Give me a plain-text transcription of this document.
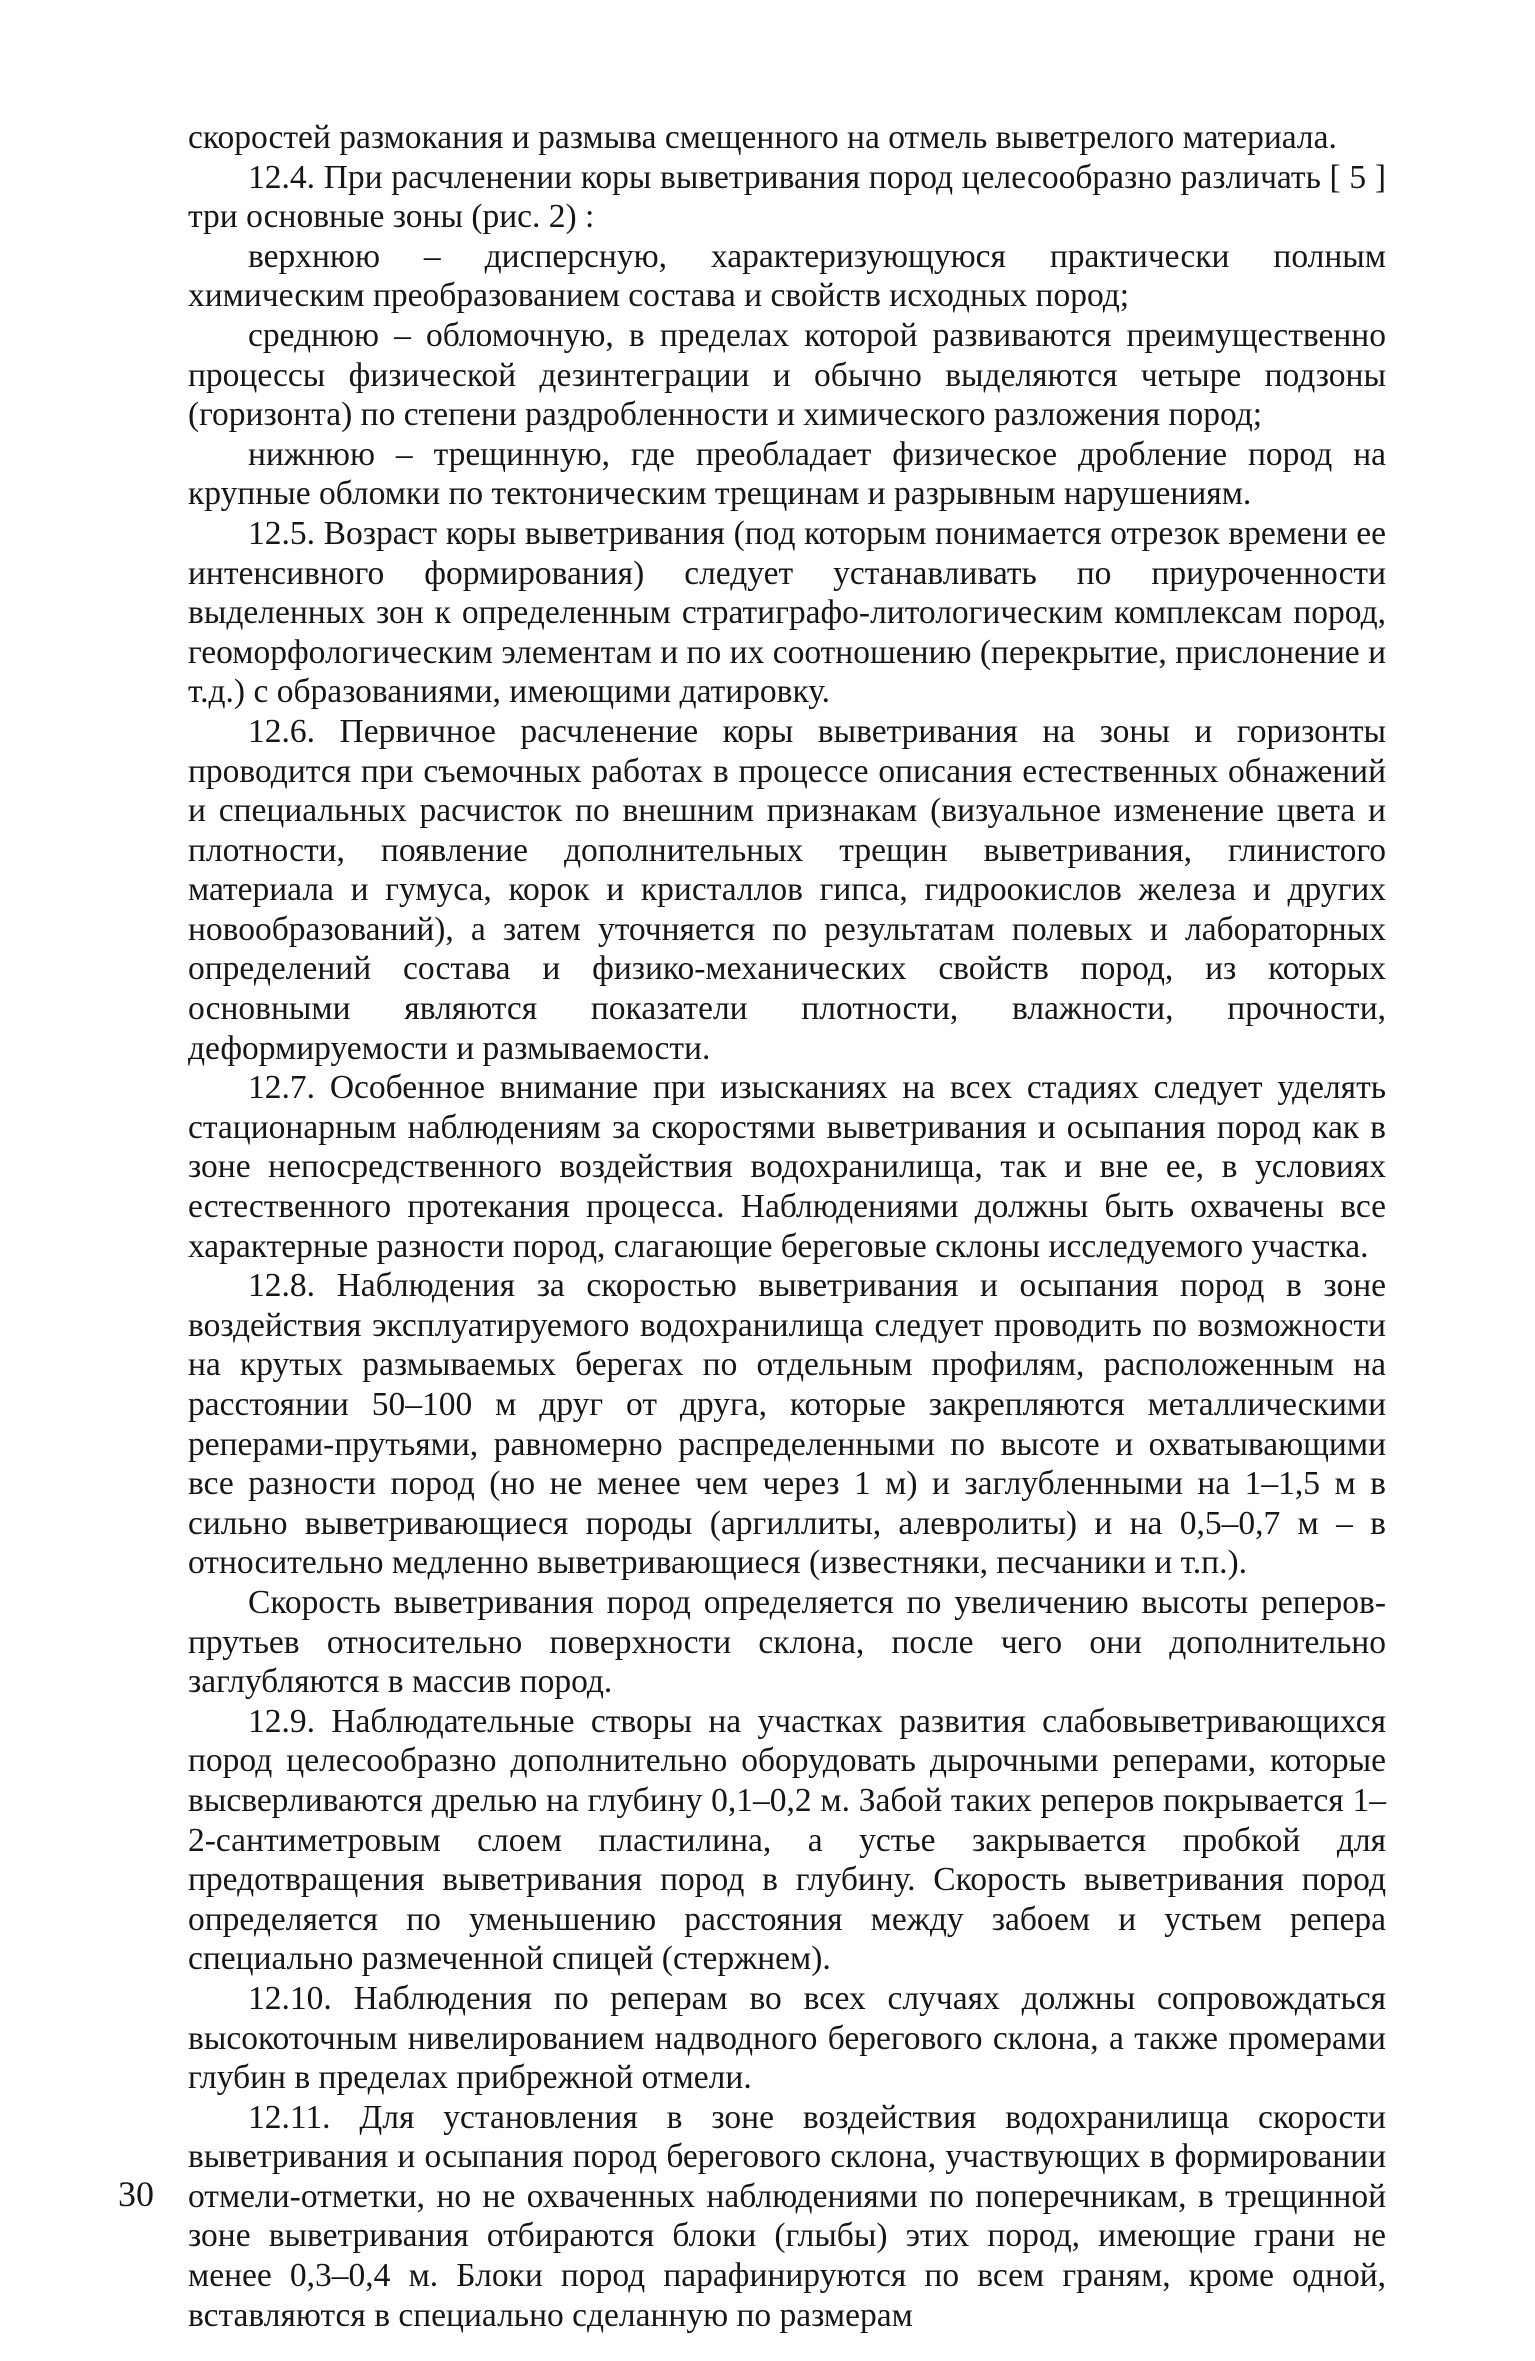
скоростей размокания и размыва смещенного на отмель выветрелого материала.

12.4. При расчленении коры выветривания пород целесообразно различать [ 5 ] три основные зоны (рис. 2) :

верхнюю – дисперсную, характеризующуюся практически полным химическим преобразованием состава и свойств исходных пород;

среднюю – обломочную, в пределах которой развиваются преимущественно процессы физической дезинтеграции и обычно выделяются четыре подзоны (горизонта) по степени раздробленности и химического разложения пород;

нижнюю – трещинную, где преобладает физическое дробление пород на крупные обломки по тектоническим трещинам и разрывным нарушениям.

12.5. Возраст коры выветривания (под которым понимается отрезок времени ее интенсивного формирования) следует устанавливать по приуроченности выделенных зон к определенным стратиграфо-литологическим комплексам пород, геоморфологическим элементам и по их соотношению (перекрытие, прислонение и т.д.) с образованиями, имеющими датировку.

12.6. Первичное расчленение коры выветривания на зоны и горизонты проводится при съемочных работах в процессе описания естественных обнажений и специальных расчисток по внешним признакам (визуальное изменение цвета и плотности, появление дополнительных трещин выветривания, глинистого материала и гумуса, корок и кристаллов гипса, гидроокислов железа и других новообразований), а затем уточняется по результатам полевых и лабораторных определений состава и физико-механических свойств пород, из которых основными являются показатели плотности, влажности, прочности, деформируемости и размываемости.

12.7. Особенное внимание при изысканиях на всех стадиях следует уделять стационарным наблюдениям за скоростями выветривания и осыпания пород как в зоне непосредственного воздействия водохранилища, так и вне ее, в условиях естественного протекания процесса. Наблюдениями должны быть охвачены все характерные разности пород, слагающие береговые склоны исследуемого участка.

12.8. Наблюдения за скоростью выветривания и осыпания пород в зоне воздействия эксплуатируемого водохранилища следует проводить по возможности на крутых размываемых берегах по отдельным профилям, расположенным на расстоянии 50–100 м друг от друга, которые закрепляются металлическими реперами-прутьями, равномерно распределенными по высоте и охватывающими все разности пород (но не менее чем через 1 м) и заглубленными на 1–1,5 м в сильно выветривающиеся породы (аргиллиты, алевролиты) и на 0,5–0,7 м – в относительно медленно выветривающиеся (известняки, песчаники и т.п.).

Скорость выветривания пород определяется по увеличению высоты реперов-прутьев относительно поверхности склона, после чего они дополнительно заглубляются в массив пород.

12.9. Наблюдательные створы на участках развития слабовыветривающихся пород целесообразно дополнительно оборудовать дырочными реперами, которые высверливаются дрелью на глубину 0,1–0,2 м. Забой таких реперов покрывается 1–2-сантиметровым слоем пластилина, а устье закрывается пробкой для предотвращения выветривания пород в глубину. Скорость выветривания пород определяется по уменьшению расстояния между забоем и устьем репера специально размеченной спицей (стержнем).

12.10. Наблюдения по реперам во всех случаях должны сопровождаться высокоточным нивелированием надводного берегового склона, а также промерами глубин в пределах прибрежной отмели.

12.11. Для установления в зоне воздействия водохранилища скорости выветривания и осыпания пород берегового склона, участвующих в формировании отмели-отметки, но не охваченных наблюдениями по поперечникам, в трещинной зоне выветривания отбираются блоки (глыбы) этих пород, имеющие грани не менее 0,3–0,4 м. Блоки пород парафинируются по всем граням, кроме одной, вставляются в специально сделанную по размерам

30
